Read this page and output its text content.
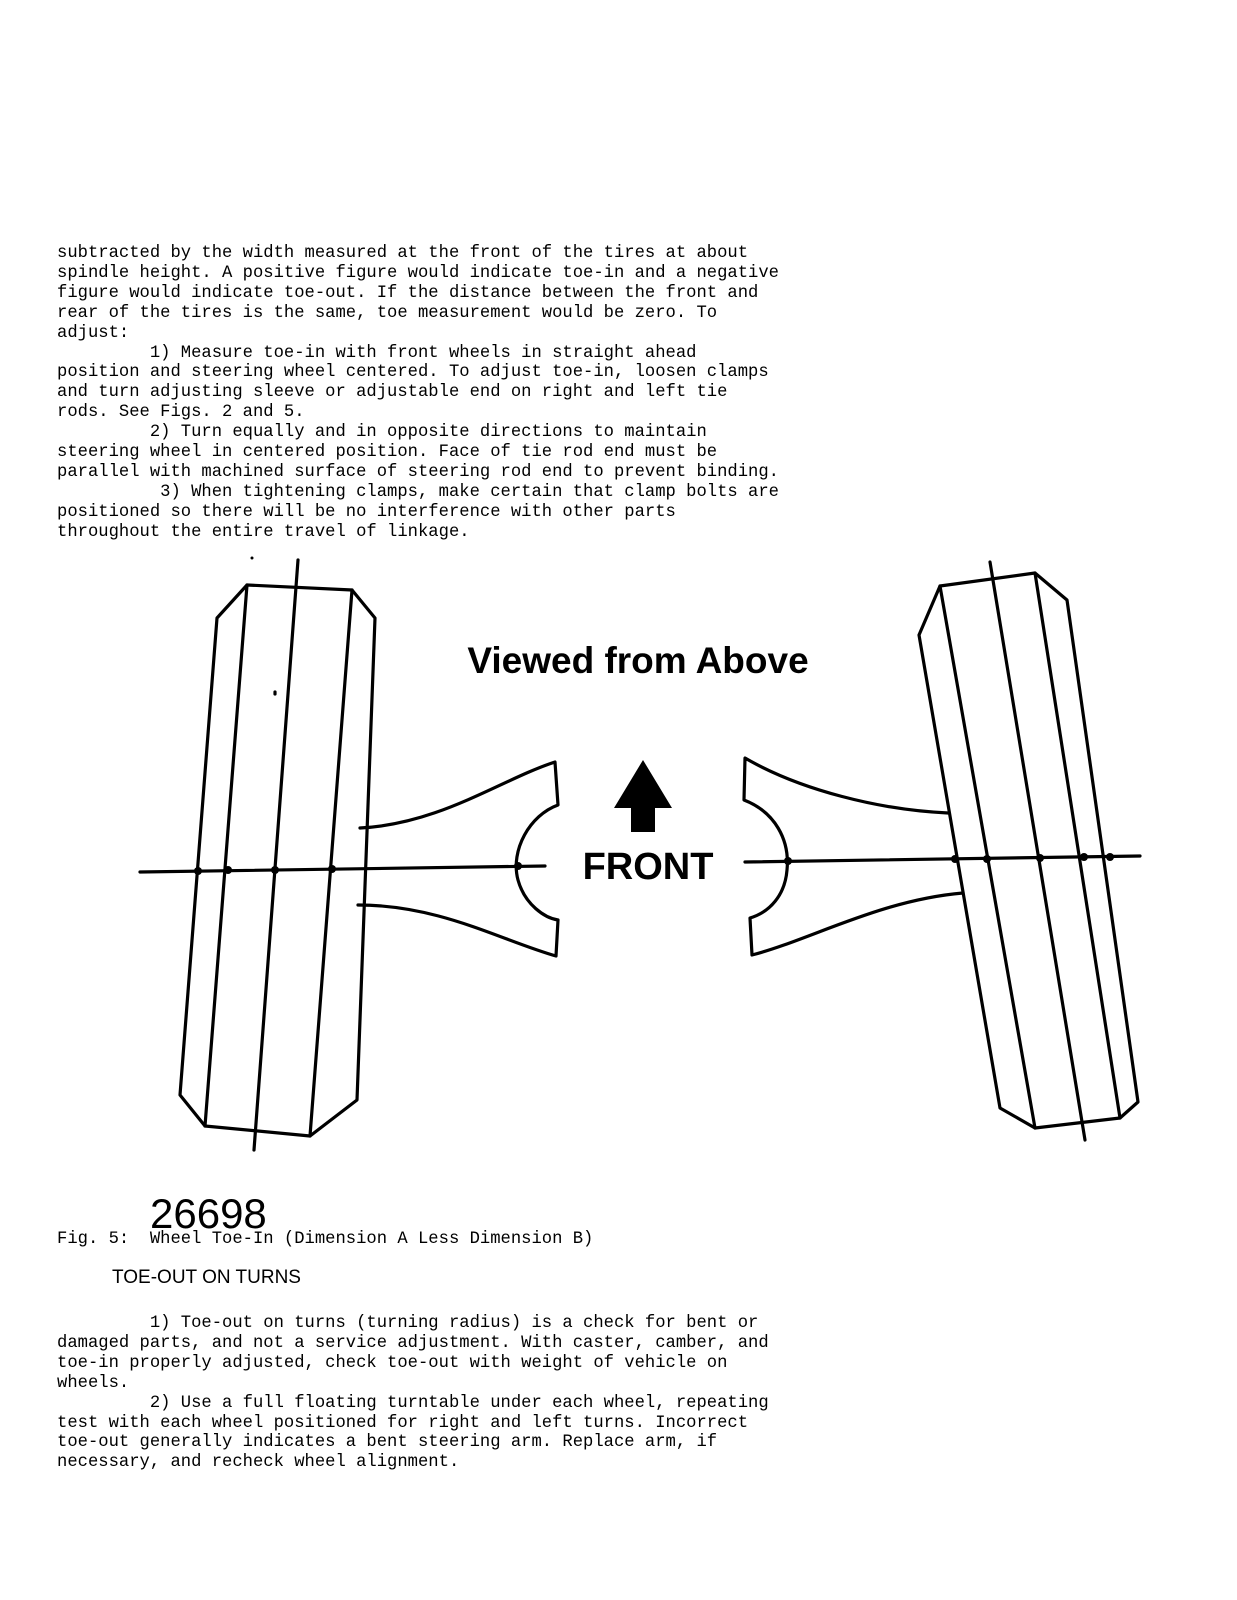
subtracted by the width measured at the front of the tires at about
spindle height. A positive figure would indicate toe-in and a negative
figure would indicate toe-out. If the distance between the front and
rear of the tires is the same, toe measurement would be zero. To
adjust:
1) Measure toe-in with front wheels in straight ahead
position and steering wheel centered. To adjust toe-in, loosen clamps
and turn adjusting sleeve or adjustable end on right and left tie
rods. See Figs. 2 and 5.
2) Turn equally and in opposite directions to maintain
steering wheel in centered position. Face of tie rod end must be
parallel with machined surface of steering rod end to prevent binding.
3) When tightening clamps, make certain that clamp bolts are
positioned so there will be no interference with other parts
throughout the entire travel of linkage.

Viewed from Above
FRONT
26698

Fig. 5:  Wheel Toe-In (Dimension A Less Dimension B)

TOE-OUT ON TURNS

1) Toe-out on turns (turning radius) is a check for bent or
damaged parts, and not a service adjustment. With caster, camber, and
toe-in properly adjusted, check toe-out with weight of vehicle on
wheels.
2) Use a full floating turntable under each wheel, repeating
test with each wheel positioned for right and left turns. Incorrect
toe-out generally indicates a bent steering arm. Replace arm, if
necessary, and recheck wheel alignment.
